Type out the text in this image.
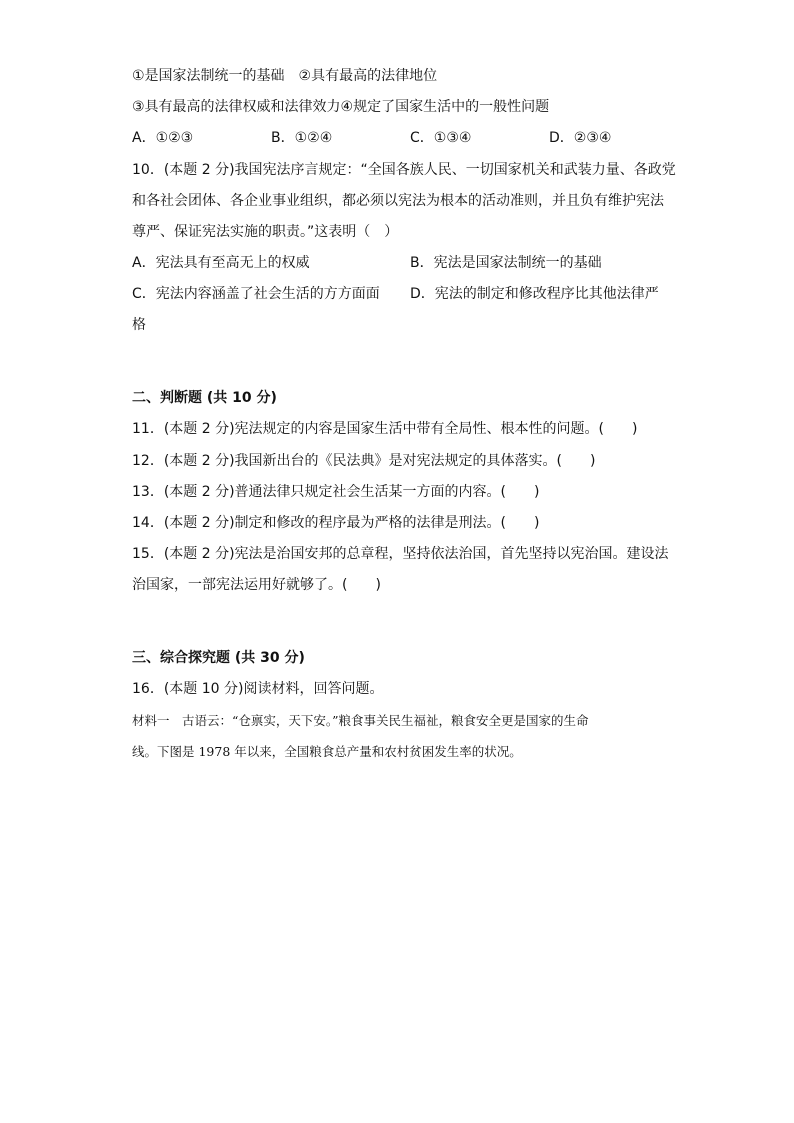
①是国家法制统一的基础　②具有最高的法律地位
③具有最高的法律权威和法律效力④规定了国家生活中的一般性问题
A．①②③	B．①②④	C．①③④	D．②③④
10．(本题 2 分)我国宪法序言规定：“全国各族人民、一切国家机关和武装力量、各政党
和各社会团体、各企业事业组织，都必须以宪法为根本的活动准则，并且负有维护宪法
尊严、保证宪法实施的职责。”这表明（　）
A．宪法具有至高无上的权威	B．宪法是国家法制统一的基础
C．宪法内容涵盖了社会生活的方方面面 D．宪法的制定和修改程序比其他法律严
格
二、判断题 (共 10 分)
11．(本题 2 分)宪法规定的内容是国家生活中带有全局性、根本性的问题。(　　)
12．(本题 2 分)我国新出台的《民法典》是对宪法规定的具体落实。(　　)
13．(本题 2 分)普通法律只规定社会生活某一方面的内容。(　　)
14．(本题 2 分)制定和修改的程序最为严格的法律是刑法。(　　)
15．(本题 2 分)宪法是治国安邦的总章程，坚持依法治国，首先坚持以宪治国。建设法
治国家，一部宪法运用好就够了。(　　)
三、综合探究题 (共 30 分)
16．(本题 10 分)阅读材料，回答问题。
材料一　古语云：“仓禀实，天下安。”粮食事关民生福祉，粮食安全更是国家的生命
线。下图是 1978 年以来，全国粮食总产量和农村贫困发生率的状况。
